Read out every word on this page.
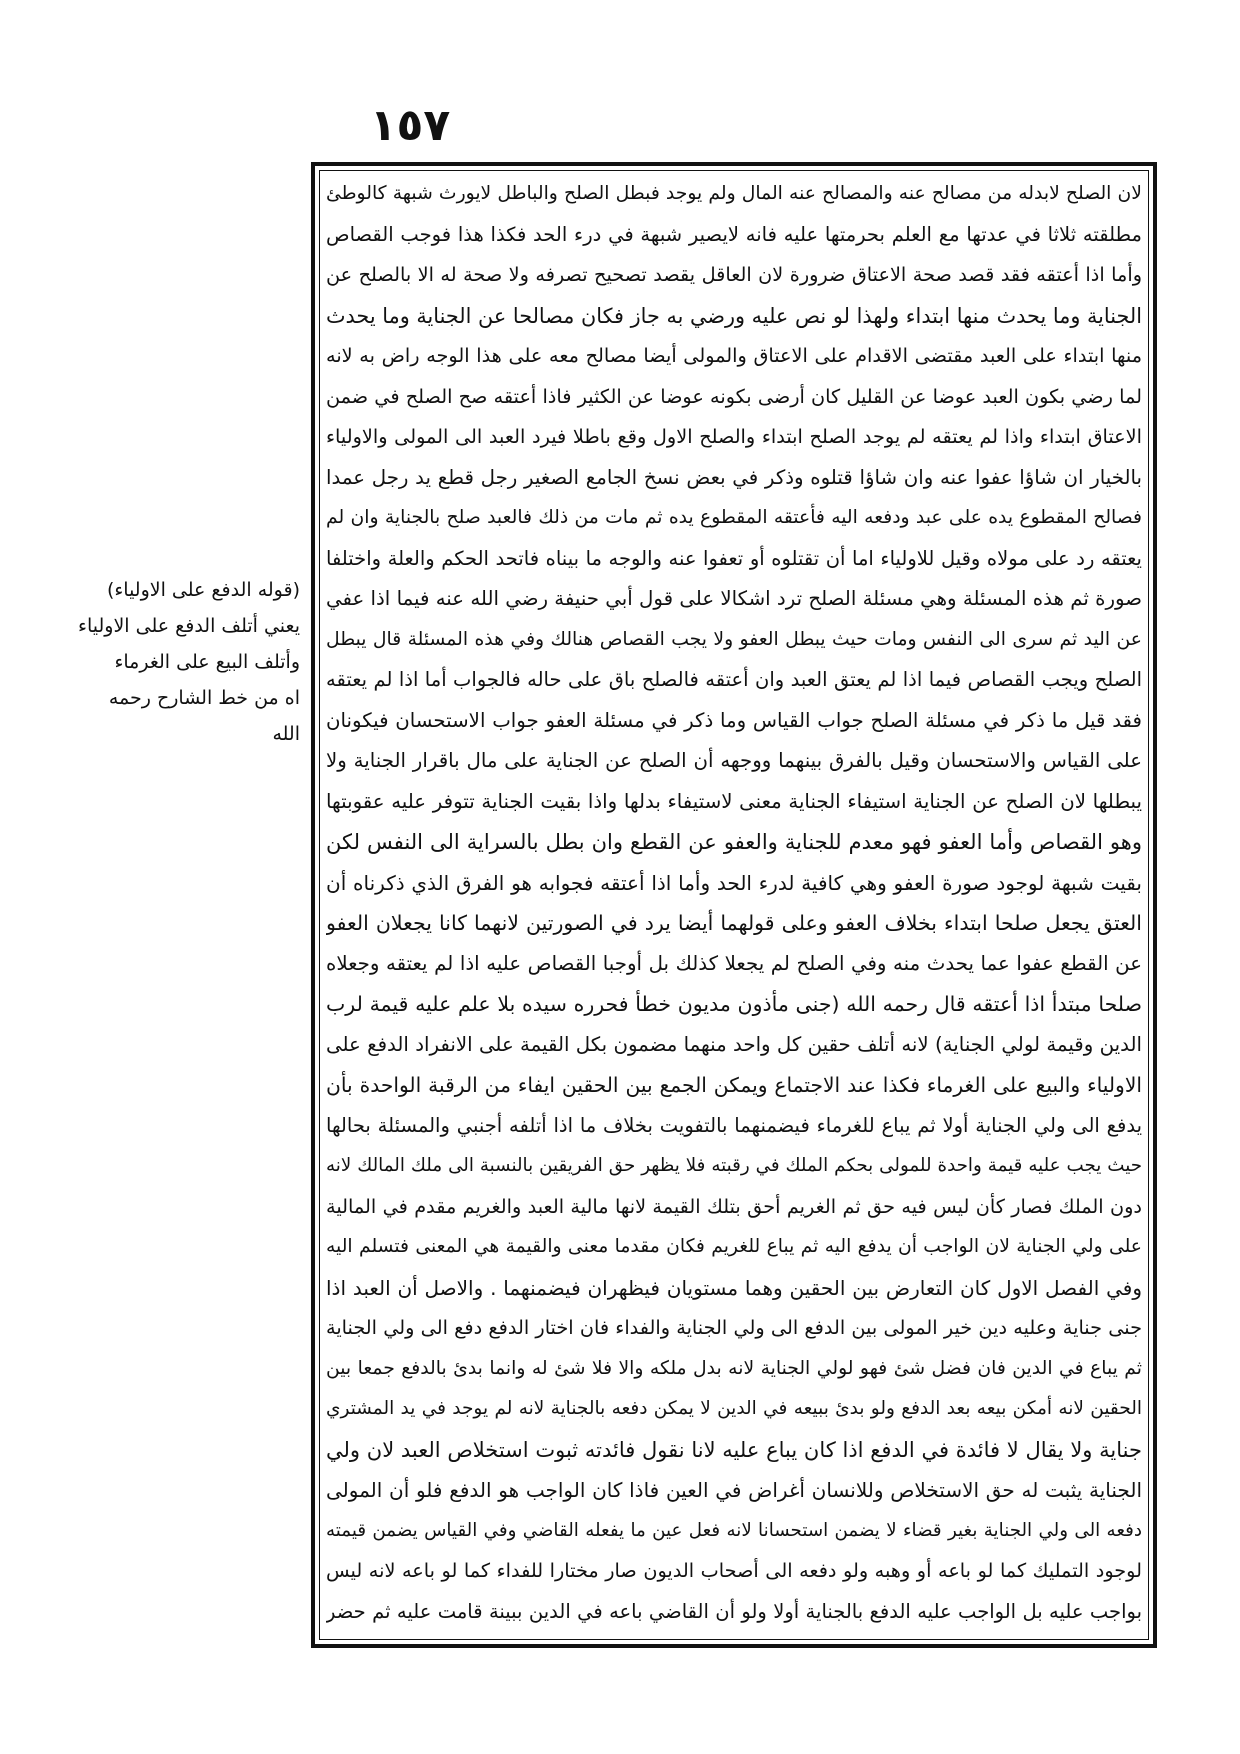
١٥٧
(قوله الدفع على الاولياء)
يعني أتلف الدفع على الاولياء
وأتلف البيع على الغرماء
اه من خط الشارح رحمه
الله
لان الصلح لابدله من مصالح عنه والمصالح عنه المال ولم يوجد فبطل الصلح والباطل لايورث شبهة كالوطئ
مطلقته ثلاثا في عدتها مع العلم بحرمتها عليه فانه لايصير شبهة في درء الحد فكذا هذا فوجب القصاص
وأما اذا أعتقه فقد قصد صحة الاعتاق ضرورة لان العاقل يقصد تصحيح تصرفه ولا صحة له الا بالصلح عن
الجناية وما يحدث منها ابتداء ولهذا لو نص عليه ورضي به جاز فكان مصالحا عن الجناية وما يحدث
منها ابتداء على العبد مقتضى الاقدام على الاعتاق والمولى أيضا مصالح معه على هذا الوجه راض به لانه
لما رضي بكون العبد عوضا عن القليل كان أرضى بكونه عوضا عن الكثير فاذا أعتقه صح الصلح في ضمن
الاعتاق ابتداء واذا لم يعتقه لم يوجد الصلح ابتداء والصلح الاول وقع باطلا فيرد العبد الى المولى والاولياء
بالخيار ان شاؤا عفوا عنه وان شاؤا قتلوه وذكر في بعض نسخ الجامع الصغير رجل قطع يد رجل عمدا
فصالح المقطوع يده على عبد ودفعه اليه فأعتقه المقطوع يده ثم مات من ذلك فالعبد صلح بالجناية وان لم
يعتقه رد على مولاه وقيل للاولياء اما أن تقتلوه أو تعفوا عنه والوجه ما بيناه فاتحد الحكم والعلة واختلفا
صورة ثم هذه المسئلة وهي مسئلة الصلح ترد اشكالا على قول أبي حنيفة رضي الله عنه فيما اذا عفي
عن اليد ثم سرى الى النفس ومات حيث يبطل العفو ولا يجب القصاص هنالك وفي هذه المسئلة قال يبطل
الصلح ويجب القصاص فيما اذا لم يعتق العبد وان أعتقه فالصلح باق على حاله فالجواب أما اذا لم يعتقه
فقد قيل ما ذكر في مسئلة الصلح جواب القياس وما ذكر في مسئلة العفو جواب الاستحسان فيكونان
على القياس والاستحسان وقيل بالفرق بينهما ووجهه أن الصلح عن الجناية على مال باقرار الجناية ولا
يبطلها لان الصلح عن الجناية استيفاء الجناية معنى لاستيفاء بدلها واذا بقيت الجناية تتوفر عليه عقوبتها
وهو القصاص وأما العفو فهو معدم للجناية والعفو عن القطع وان بطل بالسراية الى النفس لكن
بقيت شبهة لوجود صورة العفو وهي كافية لدرء الحد وأما اذا أعتقه فجوابه هو الفرق الذي ذكرناه أن
العتق يجعل صلحا ابتداء بخلاف العفو وعلى قولهما أيضا يرد في الصورتين لانهما كانا يجعلان العفو
عن القطع عفوا عما يحدث منه وفي الصلح لم يجعلا كذلك بل أوجبا القصاص عليه اذا لم يعتقه وجعلاه
صلحا مبتدأ اذا أعتقه قال رحمه الله (جنى مأذون مديون خطأ فحرره سيده بلا علم عليه قيمة لرب
الدين وقيمة لولي الجناية) لانه أتلف حقين كل واحد منهما مضمون بكل القيمة على الانفراد الدفع على
الاولياء والبيع على الغرماء فكذا عند الاجتماع ويمكن الجمع بين الحقين ايفاء من الرقبة الواحدة بأن
يدفع الى ولي الجناية أولا ثم يباع للغرماء فيضمنهما بالتفويت بخلاف ما اذا أتلفه أجنبي والمسئلة بحالها
حيث يجب عليه قيمة واحدة للمولى بحكم الملك في رقبته فلا يظهر حق الفريقين بالنسبة الى ملك المالك لانه
دون الملك فصار كأن ليس فيه حق ثم الغريم أحق بتلك القيمة لانها مالية العبد والغريم مقدم في المالية
على ولي الجناية لان الواجب أن يدفع اليه ثم يباع للغريم فكان مقدما معنى والقيمة هي المعنى فتسلم اليه
وفي الفصل الاول كان التعارض بين الحقين وهما مستويان فيظهران فيضمنهما . والاصل أن العبد اذا
جنى جناية وعليه دين خير المولى بين الدفع الى ولي الجناية والفداء فان اختار الدفع دفع الى ولي الجناية
ثم يباع في الدين فان فضل شئ فهو لولي الجناية لانه بدل ملكه والا فلا شئ له وانما بدئ بالدفع جمعا بين
الحقين لانه أمكن بيعه بعد الدفع ولو بدئ ببيعه في الدين لا يمكن دفعه بالجناية لانه لم يوجد في يد المشتري
جناية ولا يقال لا فائدة في الدفع اذا كان يباع عليه لانا نقول فائدته ثبوت استخلاص العبد لان ولي
الجناية يثبت له حق الاستخلاص وللانسان أغراض في العين فاذا كان الواجب هو الدفع فلو أن المولى
دفعه الى ولي الجناية بغير قضاء لا يضمن استحسانا لانه فعل عين ما يفعله القاضي وفي القياس يضمن قيمته
لوجود التمليك كما لو باعه أو وهبه ولو دفعه الى أصحاب الديون صار مختارا للفداء كما لو باعه لانه ليس
بواجب عليه بل الواجب عليه الدفع بالجناية أولا ولو أن القاضي باعه في الدين ببينة قامت عليه ثم حضر
